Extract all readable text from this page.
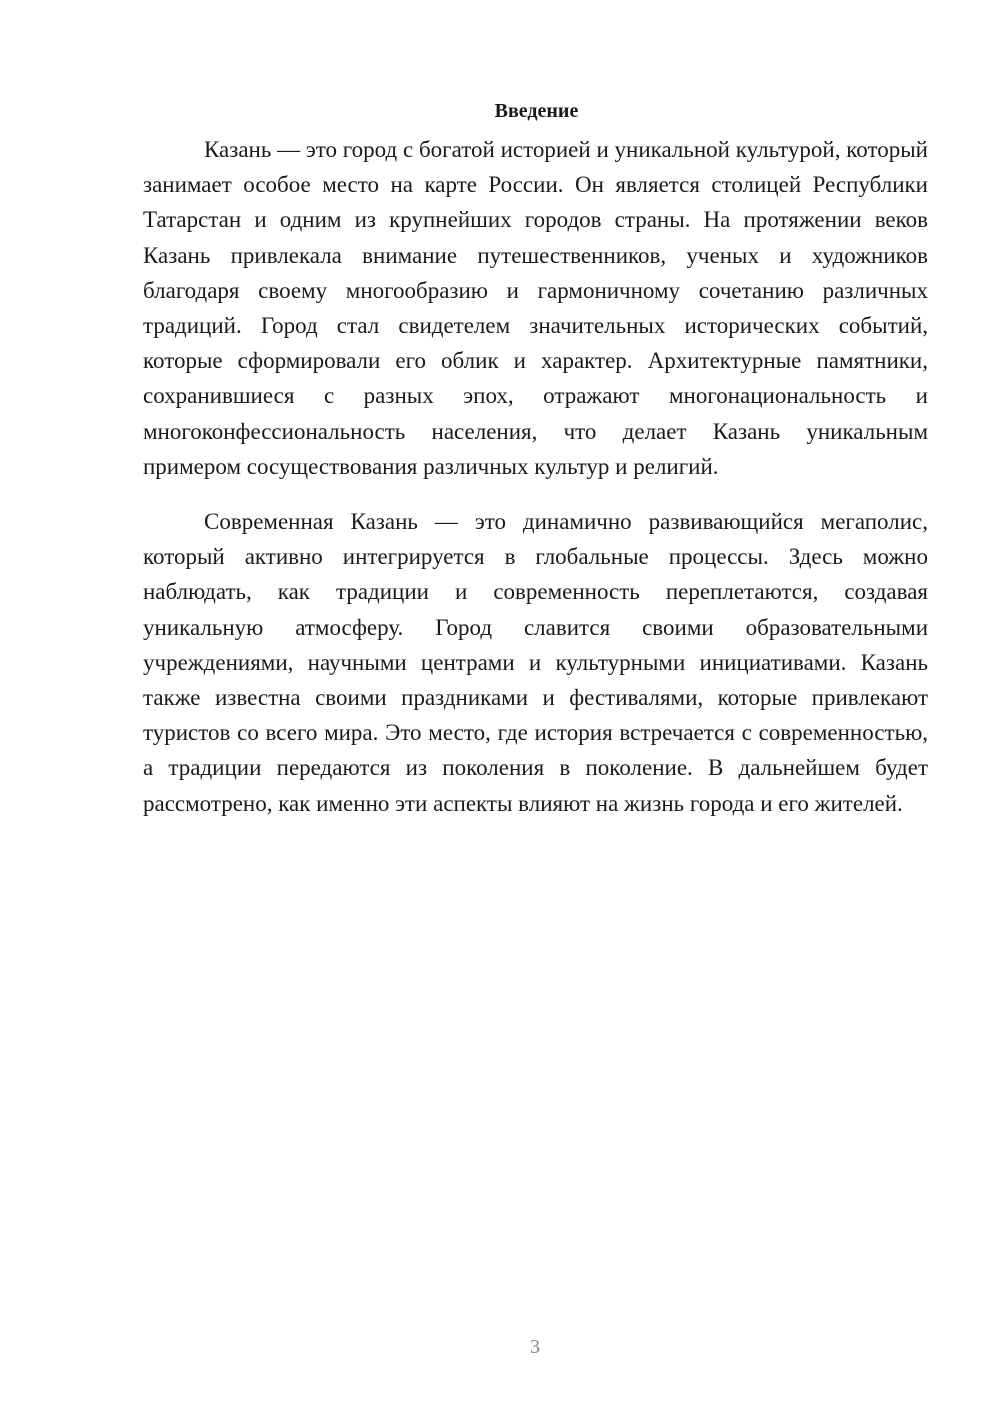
Введение

Казань — это город с богатой историей и уникальной культурой, который занимает особое место на карте России. Он является столицей Республики Татарстан и одним из крупнейших городов страны. На протяжении веков Казань привлекала внимание путешественников, ученых и художников благодаря своему многообразию и гармоничному сочетанию различных традиций. Город стал свидетелем значительных исторических событий, которые сформировали его облик и характер. Архитектурные памятники, сохранившиеся с разных эпох, отражают многонациональность и многоконфессиональность населения, что делает Казань уникальным примером сосуществования различных культур и религий.

Современная Казань — это динамично развивающийся мегаполис, который активно интегрируется в глобальные процессы. Здесь можно наблюдать, как традиции и современность переплетаются, создавая уникальную атмосферу. Город славится своими образовательными учреждениями, научными центрами и культурными инициативами. Казань также известна своими праздниками и фестивалями, которые привлекают туристов со всего мира. Это место, где история встречается с современностью, а традиции передаются из поколения в поколение. В дальнейшем будет рассмотрено, как именно эти аспекты влияют на жизнь города и его жителей.

3
